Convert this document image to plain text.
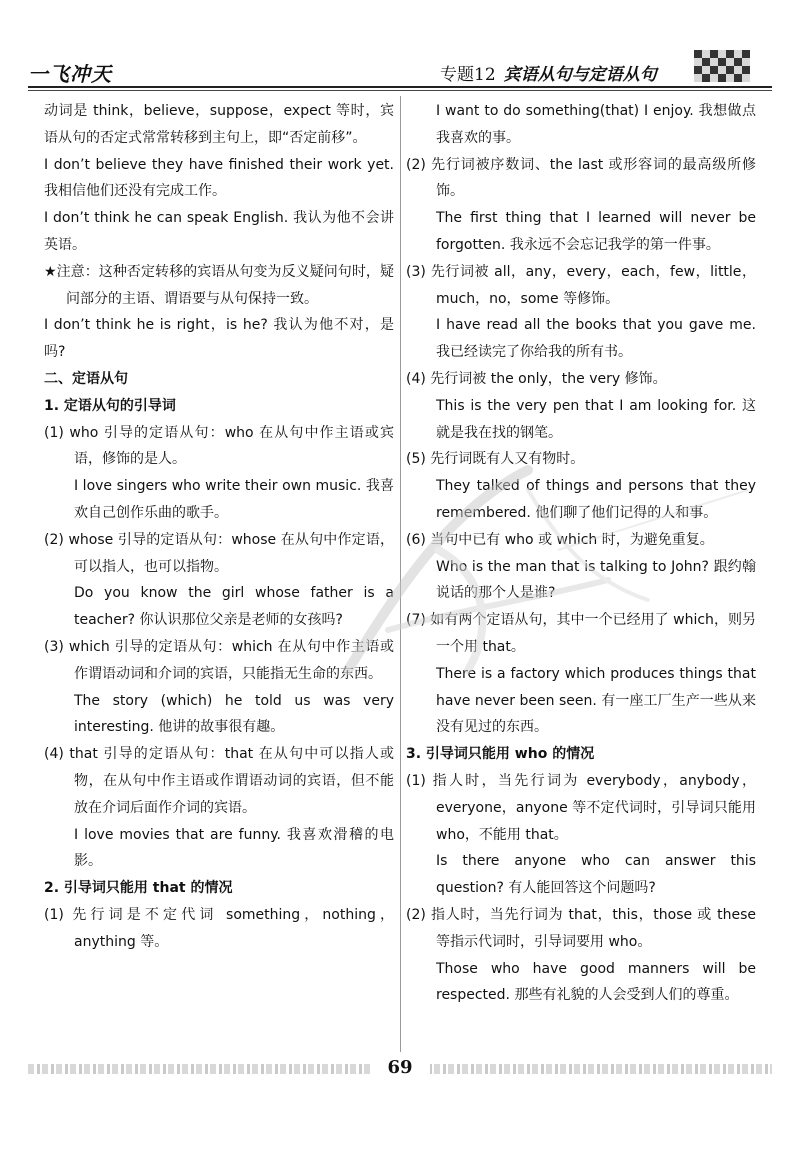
一飞冲天	专题12 宾语从句与定语从句

动词是 think，believe，suppose，expect 等时，宾语从句的否定式常常转移到主句上，即“否定前移”。

I don’t believe they have finished their work yet. 我相信他们还没有完成工作。

I don’t think he can speak English. 我认为他不会讲英语。

★注意：这种否定转移的宾语从句变为反义疑问句时，疑问部分的主语、谓语要与从句保持一致。

I don’t think he is right，is he? 我认为他不对，是吗?

二、定语从句

1. 定语从句的引导词

(1) who 引导的定语从句：who 在从句中作主语或宾语，修饰的是人。

I love singers who write their own music. 我喜欢自己创作乐曲的歌手。

(2) whose 引导的定语从句：whose 在从句中作定语，可以指人，也可以指物。

Do you know the girl whose father is a teacher? 你认识那位父亲是老师的女孩吗?

(3) which 引导的定语从句：which 在从句中作主语或作谓语动词和介词的宾语，只能指无生命的东西。

The story (which) he told us was very interesting. 他讲的故事很有趣。

(4) that 引导的定语从句：that 在从句中可以指人或物，在从句中作主语或作谓语动词的宾语，但不能放在介词后面作介词的宾语。

I love movies that are funny. 我喜欢滑稽的电影。

2. 引导词只能用 that 的情况

(1) 先行词是不定代词 something，nothing，anything 等。

I want to do something(that) I enjoy. 我想做点我喜欢的事。

(2) 先行词被序数词、the last 或形容词的最高级所修饰。

The first thing that I learned will never be forgotten. 我永远不会忘记我学的第一件事。

(3) 先行词被 all，any，every，each，few，little，much，no，some 等修饰。

I have read all the books that you gave me. 我已经读完了你给我的所有书。

(4) 先行词被 the only，the very 修饰。

This is the very pen that I am looking for. 这就是我在找的钢笔。

(5) 先行词既有人又有物时。

They talked of things and persons that they remembered. 他们聊了他们记得的人和事。

(6) 当句中已有 who 或 which 时，为避免重复。

Who is the man that is talking to John? 跟约翰说话的那个人是谁?

(7) 如有两个定语从句，其中一个已经用了 which，则另一个用 that。

There is a factory which produces things that have never been seen. 有一座工厂生产一些从来没有见过的东西。

3. 引导词只能用 who 的情况

(1) 指人时，当先行词为 everybody，anybody，everyone，anyone 等不定代词时，引导词只能用 who，不能用 that。

Is there anyone who can answer this question? 有人能回答这个问题吗?

(2) 指人时，当先行词为 that，this，those 或 these 等指示代词时，引导词要用 who。

Those who have good manners will be respected. 那些有礼貌的人会受到人们的尊重。

69
